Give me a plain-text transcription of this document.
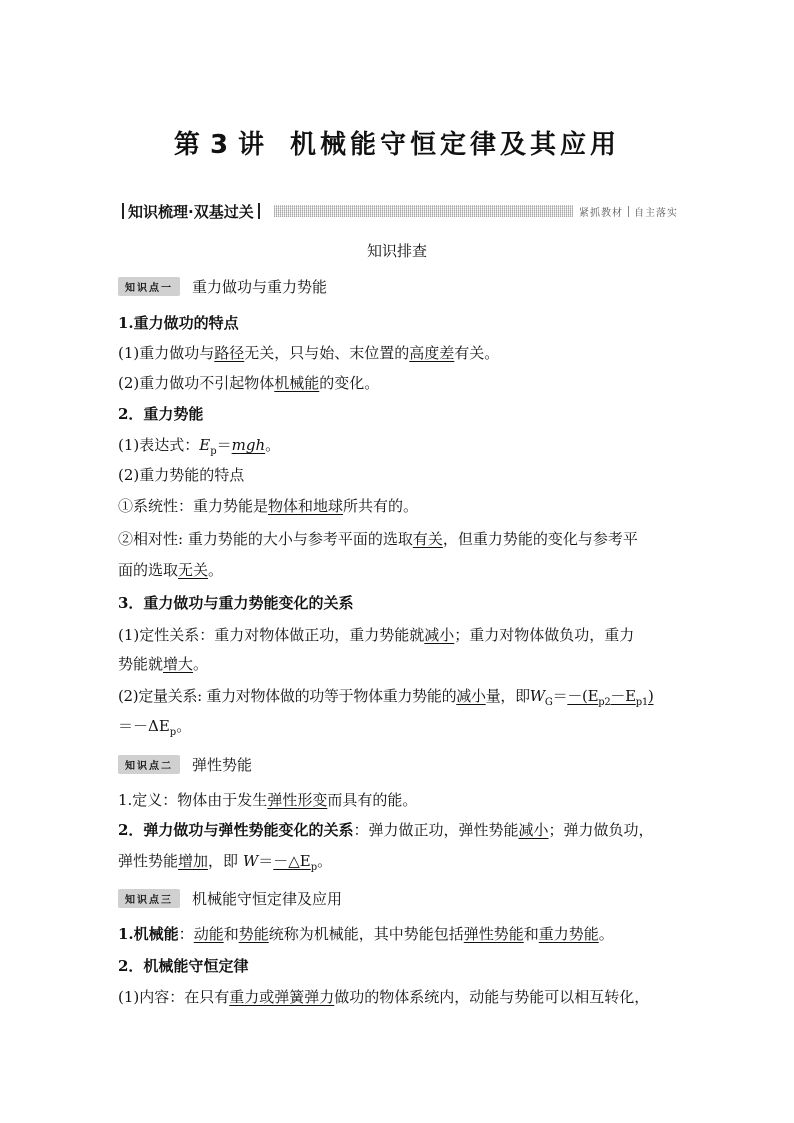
第 3 讲 机械能守恒定律及其应用
知识梳理·双基过关	紧抓教材 自主落实
知识排查
知识点一	重力做功与重力势能
1.重力做功的特点
(1)重力做功与路径无关，只与始、末位置的高度差有关。
(2)重力做功不引起物体机械能的变化。
2．重力势能
(1)表达式：$E_p=mgh$。
(2)重力势能的特点
①系统性：重力势能是物体和地球所共有的。
②相对性: 重力势能的大小与参考平面的选取有关，但重力势能的变化与参考平
面的选取无关。
3．重力做功与重力势能变化的关系
(1)定性关系：重力对物体做正功，重力势能就减小；重力对物体做负功，重力
势能就增大。
(2)定量关系: 重力对物体做的功等于物体重力势能的减小量，即$W_G=-(E_{p2}-E_{p1})$
$=-\Delta E_p$。
知识点二	弹性势能
1.定义：物体由于发生弹性形变而具有的能。
2．弹力做功与弹性势能变化的关系：弹力做正功，弹性势能减小；弹力做负功，
弹性势能增加，即 $W=-\triangle E_p$。
知识点三	机械能守恒定律及应用
1.机械能：动能和势能统称为机械能，其中势能包括弹性势能和重力势能。
2．机械能守恒定律
(1)内容：在只有重力或弹簧弹力做功的物体系统内，动能与势能可以相互转化，
